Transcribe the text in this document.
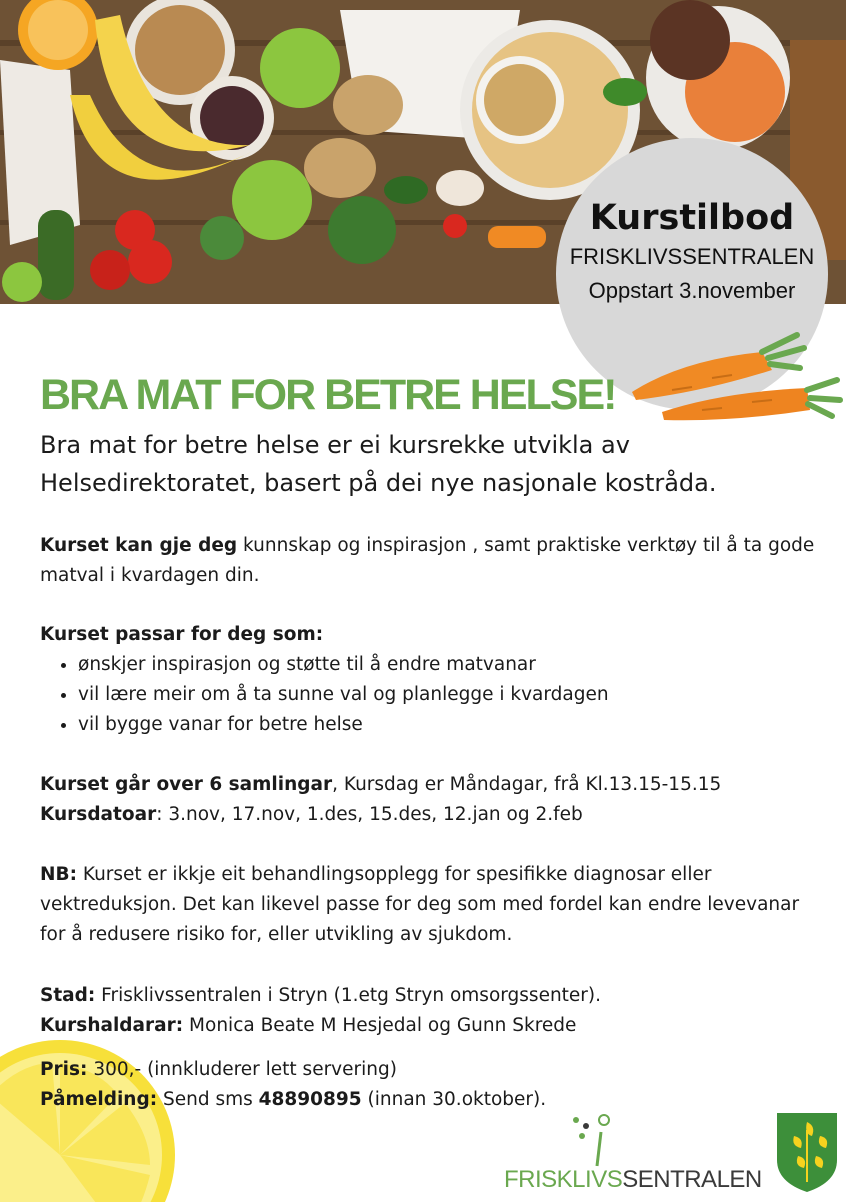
Kurstilbod
FRISKLIVSSENTRALEN
Oppstart 3.november
BRA MAT FOR BETRE HELSE!

Bra mat for betre helse er ei kursrekke utvikla av Helsedirektoratet, basert på dei nye nasjonale kostråda.

Kurset kan gje deg kunnskap og inspirasjon , samt praktiske verktøy til å ta gode matval i kvardagen din.

Kurset passar for deg som:

• ønskjer inspirasjon og støtte til å endre matvanar
• vil lære meir om å ta sunne val og planlegge i kvardagen
• vil bygge vanar for betre helse

Kurset går over 6 samlingar, Kursdag er Måndagar, frå Kl.13.15-15.15
Kursdatoar: 3.nov, 17.nov, 1.des, 15.des, 12.jan og 2.feb

NB: Kurset er ikkje eit behandlingsopplegg for spesifikke diagnosar eller vektreduksjon. Det kan likevel passe for deg som med fordel kan endre levevanar for å redusere risiko for, eller utvikling av sjukdom.

Stad: Frisklivssentralen i Stryn (1.etg Stryn omsorgssenter).
Kurshaldarar: Monica Beate M Hesjedal og Gunn Skrede

Pris: 300,- (innkluderer lett servering)
Påmelding: Send sms 48890895 (innan 30.oktober).

FRISKLIVSSENTRALEN
